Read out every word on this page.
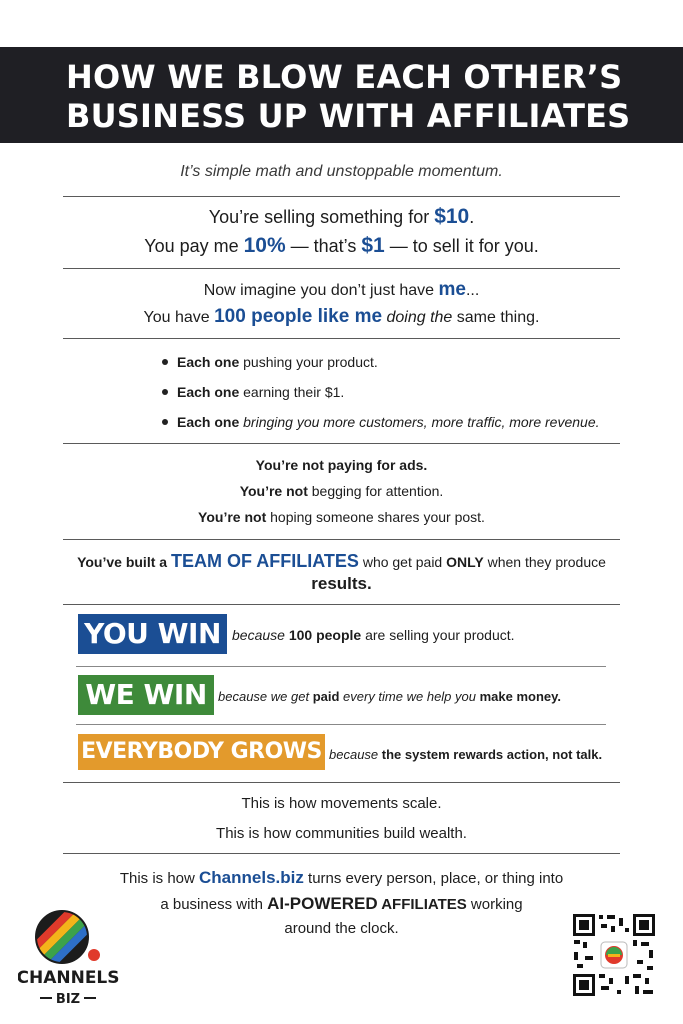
HOW WE BLOW EACH OTHER’S
BUSINESS UP WITH AFFILIATES
It’s simple math and unstoppable momentum.
You’re selling something for $10.
You pay me 10% — that’s $1 — to sell it for you.
Now imagine you don’t just have me...
You have 100 people like me doing the same thing.
Each one pushing your product.
Each one earning their $1.
Each one bringing you more customers, more traffic, more revenue.
You’re not paying for ads.
You’re not begging for attention.
You’re not hoping someone shares your post.
You’ve built a TEAM OF AFFILIATES who get paid ONLY when they produce
results.
YOU WIN because 100 people are selling your product.
WE WIN because we get paid every time we help you make money.
EVERYBODY GROWS because the system rewards action, not talk.
This is how movements scale.
This is how communities build wealth.
This is how Channels.biz turns every person, place, or thing into
a business with AI-POWERED AFFILIATES working
around the clock.
CHANNELS
BIZ
